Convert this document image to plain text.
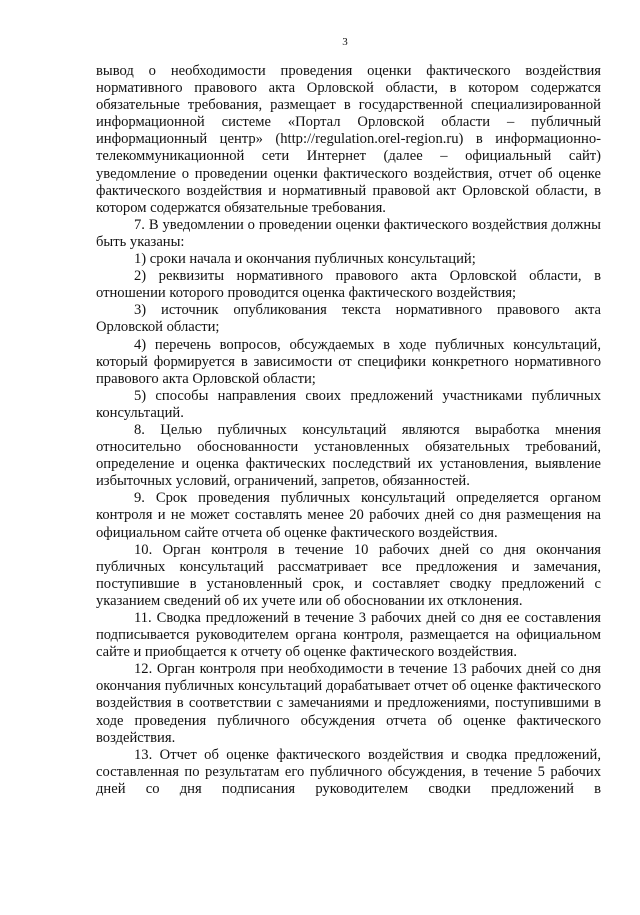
3

вывод о необходимости проведения оценки фактического воздействия нормативного правового акта Орловской области, в котором содержатся обязательные требования, размещает в государственной специализированной информационной системе «Портал Орловской области – публичный информационный центр» (http://regulation.orel-region.ru) в информационно-телекоммуникационной сети Интернет (далее – официальный сайт) уведомление о проведении оценки фактического воздействия, отчет об оценке фактического воздействия и нормативный правовой акт Орловской области, в котором содержатся обязательные требования.

7. В уведомлении о проведении оценки фактического воздействия должны быть указаны:

1) сроки начала и окончания публичных консультаций;

2) реквизиты нормативного правового акта Орловской области, в отношении которого проводится оценка фактического воздействия;

3) источник опубликования текста нормативного правового акта Орловской области;

4) перечень вопросов, обсуждаемых в ходе публичных консультаций, который формируется в зависимости от специфики конкретного нормативного правового акта Орловской области;

5) способы направления своих предложений участниками публичных консультаций.

8. Целью публичных консультаций являются выработка мнения относительно обоснованности установленных обязательных требований, определение и оценка фактических последствий их установления, выявление избыточных условий, ограничений, запретов, обязанностей.

9. Срок проведения публичных консультаций определяется органом контроля и не может составлять менее 20 рабочих дней со дня размещения на официальном сайте отчета об оценке фактического воздействия.

10. Орган контроля в течение 10 рабочих дней со дня окончания публичных консультаций рассматривает все предложения и замечания, поступившие в установленный срок, и составляет сводку предложений с указанием сведений об их учете или об обосновании их отклонения.

11. Сводка предложений в течение 3 рабочих дней со дня ее составления подписывается руководителем органа контроля, размещается на официальном сайте и приобщается к отчету об оценке фактического воздействия.

12. Орган контроля при необходимости в течение 13 рабочих дней со дня окончания публичных консультаций дорабатывает отчет об оценке фактического воздействия в соответствии с замечаниями и предложениями, поступившими в ходе проведения публичного обсуждения отчета об оценке фактического воздействия.

13. Отчет об оценке фактического воздействия и сводка предложений, составленная по результатам его публичного обсуждения, в течение 5 рабочих дней со дня подписания руководителем сводки предложений в
